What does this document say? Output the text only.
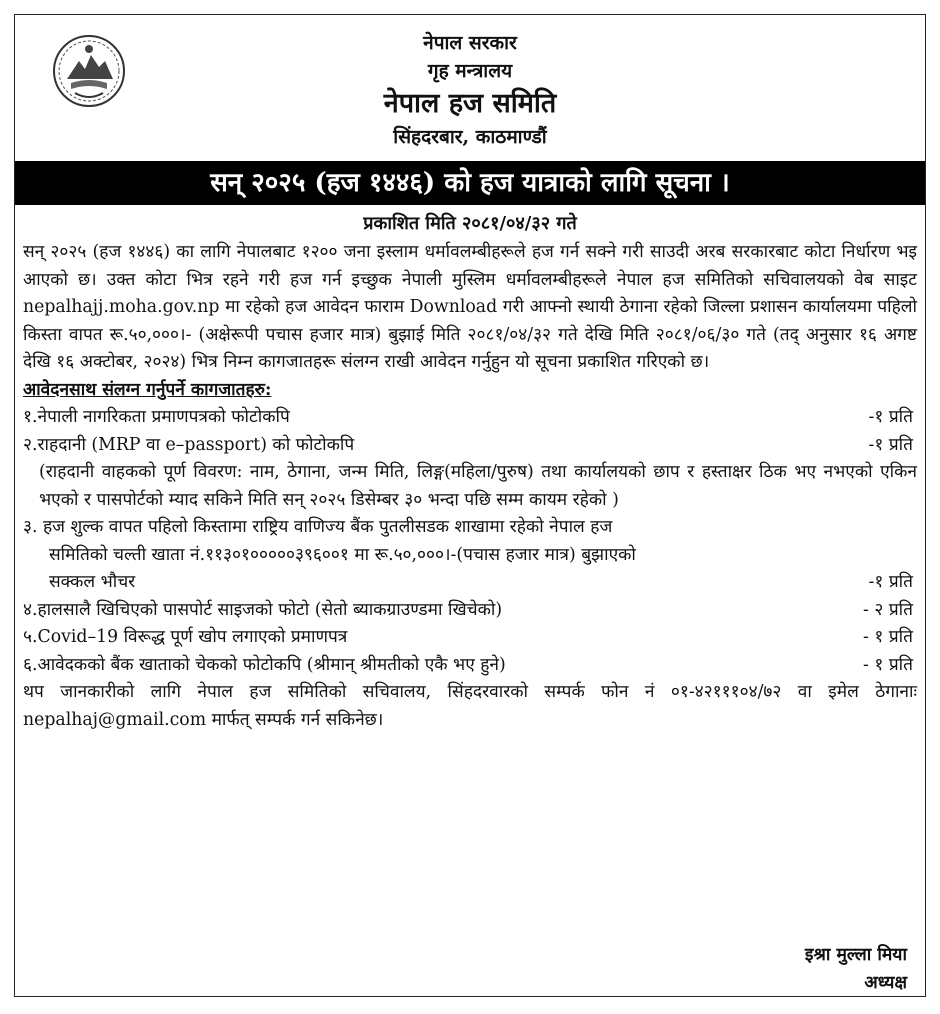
नेपाल सरकार
गृह मन्त्रालय
नेपाल हज समिति
सिंहदरबार, काठमाण्डौं
सन् २०२५ (हज १४४६) को हज यात्राको लागि सूचना ।
प्रकाशित मिति २०८१/०४/३२ गते

सन् २०२५ (हज १४४६) का लागि नेपालबाट १२०० जना इस्लाम धर्मावलम्बीहरूले हज गर्न सक्ने गरी साउदी अरब सरकारबाट कोटा निर्धारण भइ आएको छ। उक्त कोटा भित्र रहने गरी हज गर्न इच्छुक नेपाली मुस्लिम धर्मावलम्बीहरूले नेपाल हज समितिको सचिवालयको वेब साइट nepalhajj.moha.gov.np मा रहेको हज आवेदन फाराम Download गरी आफ्नो स्थायी ठेगाना रहेको जिल्ला प्रशासन कार्यालयमा पहिलो किस्ता वापत रू.५०,०००।- (अक्षेरूपी पचास हजार मात्र) बुझाई मिति २०८१/०४/३२ गते देखि मिति २०८१/०६/३० गते (तद् अनुसार १६ अगष्ट देखि १६ अक्टोबर, २०२४) भित्र निम्न कागजातहरू संलग्न राखी आवेदन गर्नुहुन यो सूचना प्रकाशित गरिएको छ।

आवेदनसाथ संलग्न गर्नुपर्ने कागजातहरु:

१.नेपाली नागरिकता प्रमाणपत्रको फोटोकपि	-१ प्रति
२.राहदानी (MRP वा e–passport) को फोटोकपि	-१ प्रति

(राहदानी वाहकको पूर्ण विवरण: नाम, ठेगाना, जन्म मिति, लिङ्ग(महिला/पुरुष) तथा कार्यालयको छाप र हस्ताक्षर ठिक भए नभएको एकिन भएको र पासपोर्टको म्याद सकिने मिति सन् २०२५ डिसेम्बर ३० भन्दा पछि सम्म कायम रहेको )

३. हज शुल्क वापत पहिलो किस्तामा राष्ट्रिय वाणिज्य बैंक पुतलीसडक शाखामा रहेको नेपाल हज
समितिको चल्ती खाता नं.११३०१०००००३९६००१ मा रू.५०,०००।-(पचास हजार मात्र) बुझाएको
सक्कल भौचर	-१ प्रति
४.हालसालै खिचिएको पासपोर्ट साइजको फोटो (सेतो ब्याकग्राउण्डमा खिचेको)	- २ प्रति
५.Covid–19 विरूद्ध पूर्ण खोप लगाएको प्रमाणपत्र	- १ प्रति
६.आवेदकको बैंक खाताको चेकको फोटोकपि (श्रीमान् श्रीमतीको एकै भए हुने)	- १ प्रति

थप जानकारीको लागि नेपाल हज समितिको सचिवालय, सिंहदरवारको सम्पर्क फोन नं ०१-४२१११०४/७२ वा इमेल ठेगानाः nepalhaj@gmail.com मार्फत् सम्पर्क गर्न सकिनेछ।

इश्रा मुल्ला मिया
अध्यक्ष
